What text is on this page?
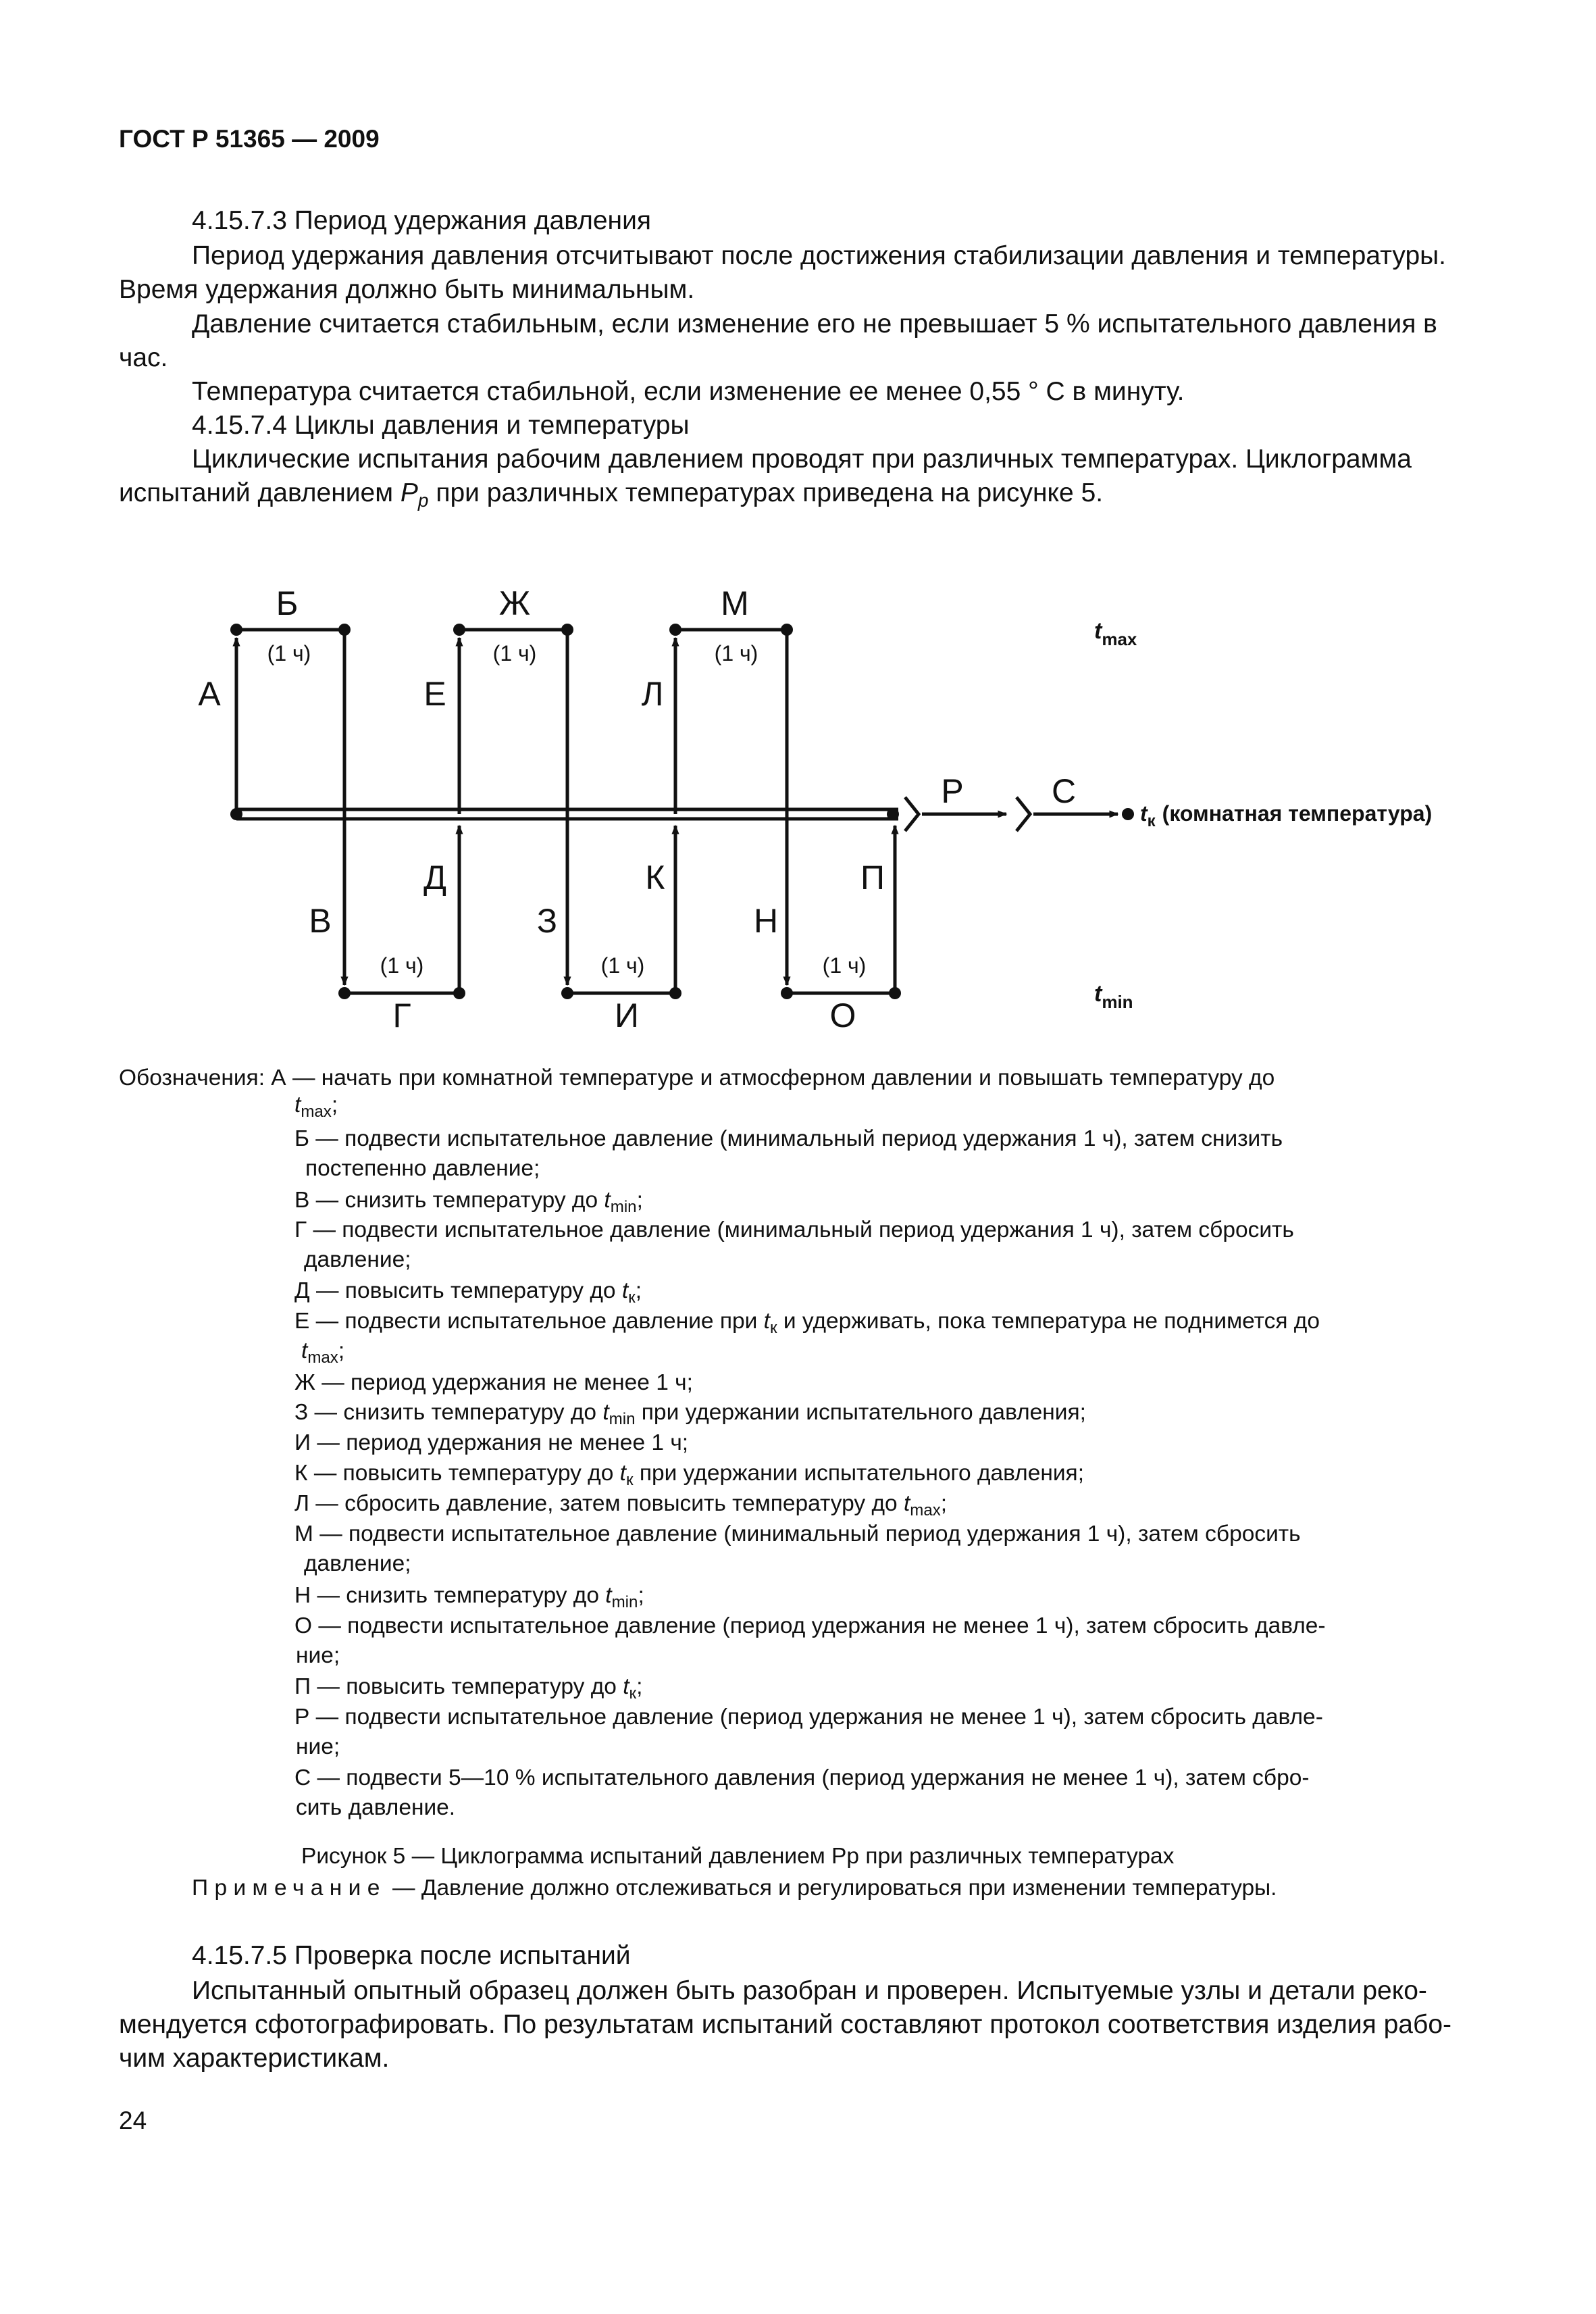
ГОСТ Р 51365 — 2009
4.15.7.3 Период удержания давления
Период удержания давления отсчитывают после достижения стабилизации давления и температуры.
Время удержания должно быть минимальным.
Давление считается стабильным, если изменение его не превышает 5 % испытательного давления в
час.
Температура считается стабильной, если изменение ее менее 0,55 ° С в минуту.
4.15.7.4 Циклы давления и температуры
Циклические испытания рабочим давлением проводят при различных температурах. Циклограмма
испытаний давлением $P_p$ при различных температурах приведена на рисунке 5.
Б	Ж	М
А	Е	Л
Р	С
Д	К	П
В	З	Н
Г	И	О
(1 ч)	(1 ч)	(1 ч)
(1 ч)	(1 ч)	(1 ч)
$t_{max}$
$t_{min}$
$t_к$ (комнатная температура)
Обозначения: А — начать при комнатной температуре и атмосферном давлении и повышать температуру до
$t_{max}$;
Б — подвести испытательное давление (минимальный период удержания 1 ч), затем снизить
постепенно давление;
В — снизить температуру до $t_{min}$;
Г — подвести испытательное давление (минимальный период удержания 1 ч), затем сбросить
давление;
Д — повысить температуру до $t_к$;
Е — подвести испытательное давление при $t_к$ и удерживать, пока температура не поднимется до
$t_{max}$;
Ж — период удержания не менее 1 ч;
З — снизить температуру до $t_{min}$ при удержании испытательного давления;
И — период удержания не менее 1 ч;
К — повысить температуру до $t_к$ при удержании испытательного давления;
Л — сбросить давление, затем повысить температуру до $t_{max}$;
М — подвести испытательное давление (минимальный период удержания 1 ч), затем сбросить
давление;
Н — снизить температуру до $t_{min}$;
О — подвести испытательное давление (период удержания не менее 1 ч), затем сбросить давле-
ние;
П — повысить температуру до $t_к$;
Р — подвести испытательное давление (период удержания не менее 1 ч), затем сбросить давле-
ние;
С — подвести 5—10 % испытательного давления (период удержания не менее 1 ч), затем сбро-
сить давление.
Рисунок 5 — Циклограмма испытаний давлением Рр при различных температурах
Примечание — Давление должно отслеживаться и регулироваться при изменении температуры.
4.15.7.5 Проверка после испытаний
Испытанный опытный образец должен быть разобран и проверен. Испытуемые узлы и детали реко-
мендуется сфотографировать. По результатам испытаний составляют протокол соответствия изделия рабо-
чим характеристикам.
24
